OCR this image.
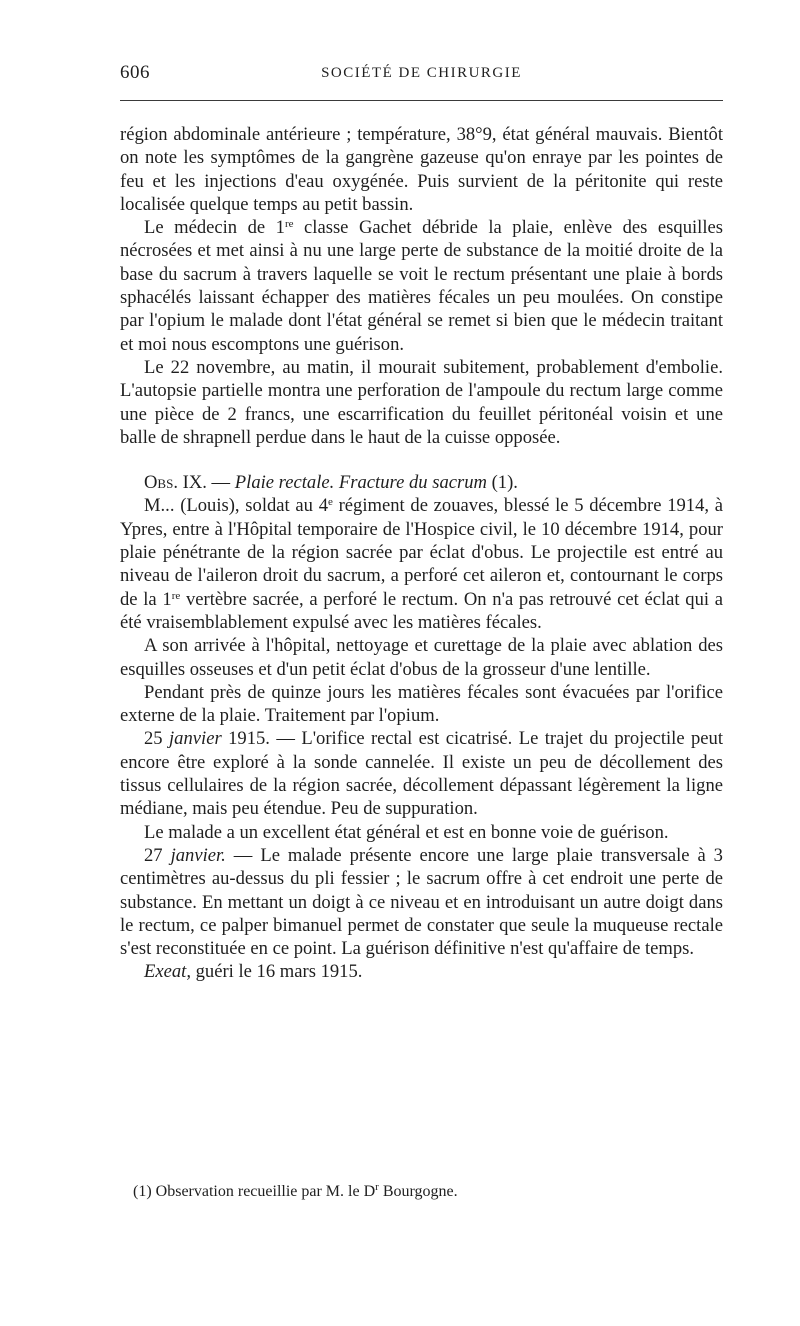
606	SOCIÉTÉ DE CHIRURGIE

région abdominale antérieure ; température, 38°9, état général mauvais. Bientôt on note les symptômes de la gangrène gazeuse qu'on enraye par les pointes de feu et les injections d'eau oxygénée. Puis survient de la péritonite qui reste localisée quelque temps au petit bassin.

Le médecin de 1re classe Gachet débride la plaie, enlève des esquilles nécrosées et met ainsi à nu une large perte de substance de la moitié droite de la base du sacrum à travers laquelle se voit le rectum présentant une plaie à bords sphacélés laissant échapper des matières fécales un peu moulées. On constipe par l'opium le malade dont l'état général se remet si bien que le médecin traitant et moi nous escomptons une guérison.

Le 22 novembre, au matin, il mourait subitement, probablement d'embolie. L'autopsie partielle montra une perforation de l'ampoule du rectum large comme une pièce de 2 francs, une escarrification du feuillet péritonéal voisin et une balle de shrapnell perdue dans le haut de la cuisse opposée.

Obs. IX. — Plaie rectale. Fracture du sacrum (1).

M... (Louis), soldat au 4e régiment de zouaves, blessé le 5 décembre 1914, à Ypres, entre à l'Hôpital temporaire de l'Hospice civil, le 10 décembre 1914, pour plaie pénétrante de la région sacrée par éclat d'obus. Le projectile est entré au niveau de l'aileron droit du sacrum, a perforé cet aileron et, contournant le corps de la 1re vertèbre sacrée, a perforé le rectum. On n'a pas retrouvé cet éclat qui a été vraisemblablement expulsé avec les matières fécales.

A son arrivée à l'hôpital, nettoyage et curettage de la plaie avec ablation des esquilles osseuses et d'un petit éclat d'obus de la grosseur d'une lentille.

Pendant près de quinze jours les matières fécales sont évacuées par l'orifice externe de la plaie. Traitement par l'opium.

25 janvier 1915. — L'orifice rectal est cicatrisé. Le trajet du projectile peut encore être exploré à la sonde cannelée. Il existe un peu de décollement des tissus cellulaires de la région sacrée, décollement dépassant légèrement la ligne médiane, mais peu étendue. Peu de suppuration.

Le malade a un excellent état général et est en bonne voie de guérison.

27 janvier. — Le malade présente encore une large plaie transversale à 3 centimètres au-dessus du pli fessier ; le sacrum offre à cet endroit une perte de substance. En mettant un doigt à ce niveau et en introduisant un autre doigt dans le rectum, ce palper bimanuel permet de constater que seule la muqueuse rectale s'est reconstituée en ce point. La guérison définitive n'est qu'affaire de temps.

Exeat, guéri le 16 mars 1915.

(1) Observation recueillie par M. le $D^r$ Bourgogne.
